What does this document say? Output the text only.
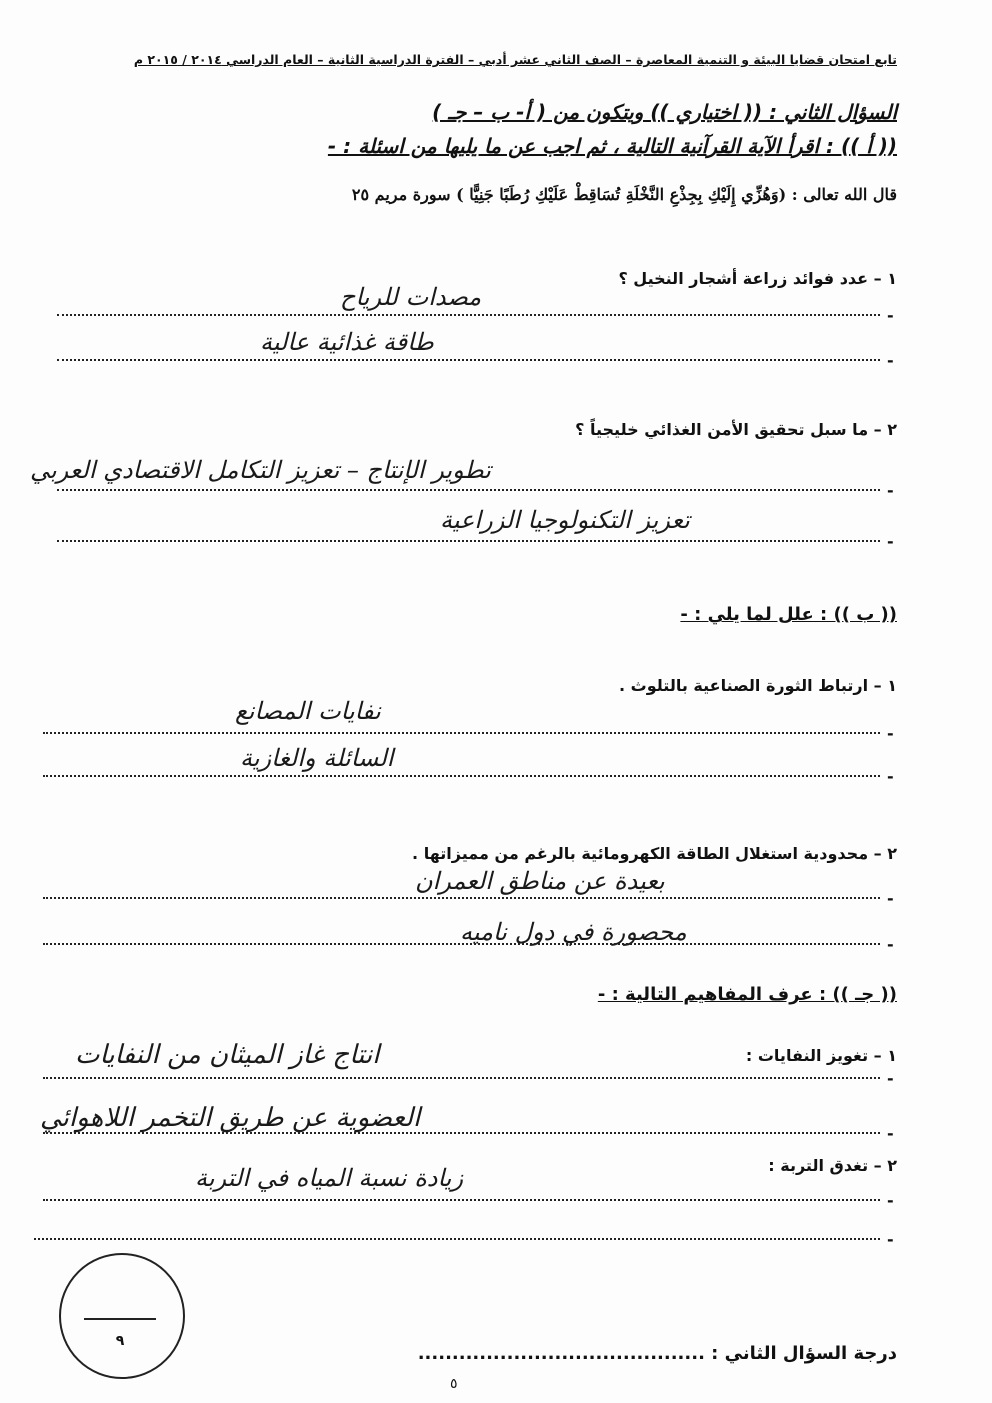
تابع امتحان قضايا البيئة و التنمية المعاصرة – الصف الثاني عشر أدبي – الفترة الدراسية الثانية – العام الدراسي ٢٠١٤ / ٢٠١٥ م
السؤال الثاني : (( اختياري )) ويتكون من ( أ- ب – جـ )
(( أ )) : اقرأ الآية القرآنية التالية ، ثم اجب عن ما يليها من اسئلة : -
قال الله تعالى : (وَهُزِّي إِلَيْكِ بِجِذْعِ النَّخْلَةِ تُسَاقِطْ عَلَيْكِ رُطَبًا جَنِيًّا ) سورة مريم ٢٥
١ – عدد فوائد زراعة أشجار النخيل ؟
مصدات للرياح
-
طاقة غذائية عالية
-
٢ – ما سبل تحقيق الأمن الغذائي خليجياً ؟
تطوير الإنتاج – تعزيز التكامل الاقتصادي العربي
-
تعزيز التكنولوجيا الزراعية
-
(( ب )) : علل لما يلي : -
١ – ارتباط الثورة الصناعية بالتلوث .
نفايات المصانع
-
السائلة والغازية
-
٢ – محدودية استغلال الطاقة الكهرومائية بالرغم من مميزاتها .
بعيدة عن مناطق العمران
-
محصورة في دول ناميه	-
(( جـ )) : عرف المفاهيم التالية : -
١ – تغويز النفايات :
انتاج غاز الميثان من النفايات
-
العضوية عن طريق التخمر اللاهوائي
-
٢ – تغدق التربة :
زيادة نسبة المياه في التربة
-
-
٩
درجة السؤال الثاني : ..........................................
٥
